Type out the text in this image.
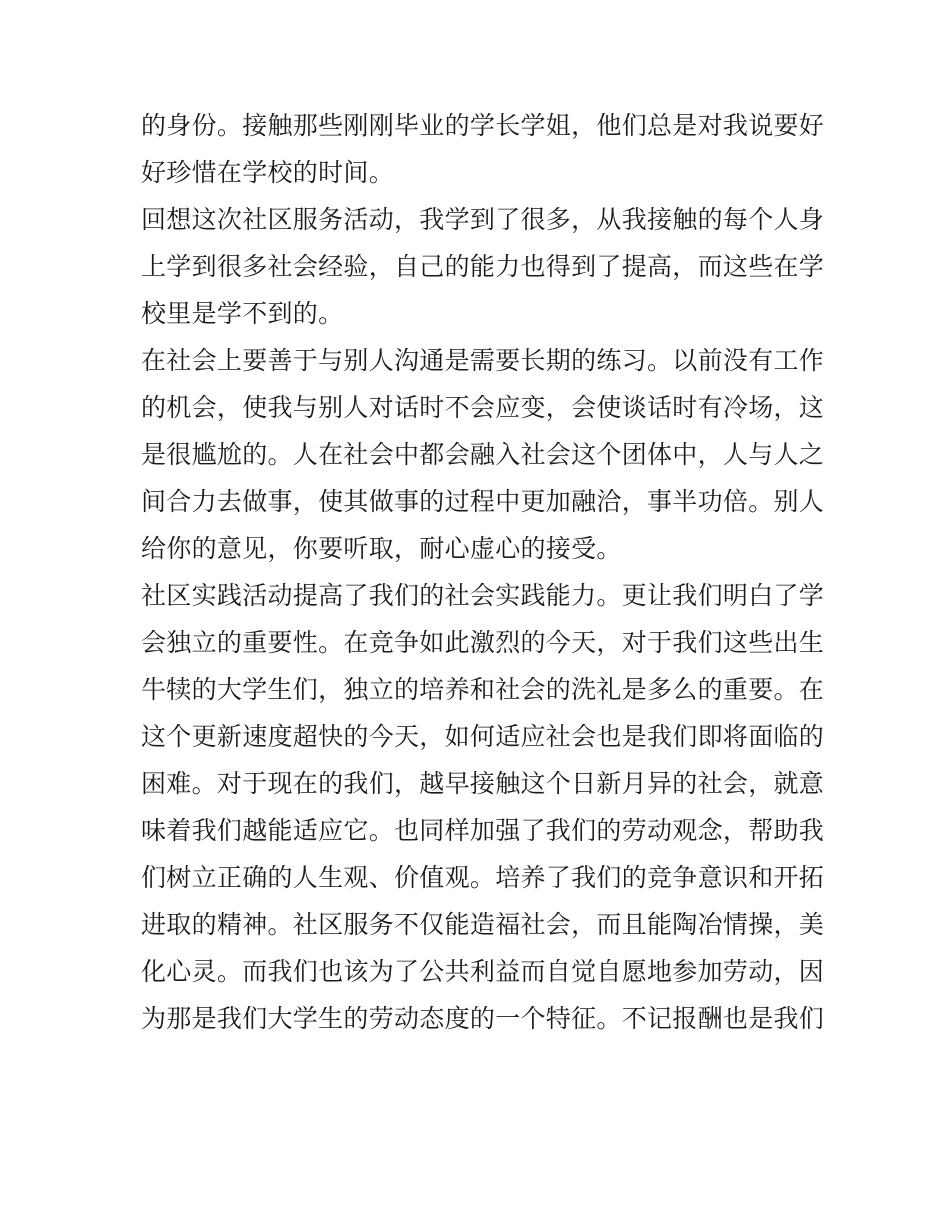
的身份。接触那些刚刚毕业的学长学姐，他们总是对我说要好
好珍惜在学校的时间。
回想这次社区服务活动，我学到了很多，从我接触的每个人身
上学到很多社会经验，自己的能力也得到了提高，而这些在学
校里是学不到的。
在社会上要善于与别人沟通是需要长期的练习。以前没有工作
的机会，使我与别人对话时不会应变，会使谈话时有冷场，这
是很尴尬的。人在社会中都会融入社会这个团体中，人与人之
间合力去做事，使其做事的过程中更加融洽，事半功倍。别人
给你的意见，你要听取，耐心虚心的接受。
社区实践活动提高了我们的社会实践能力。更让我们明白了学
会独立的重要性。在竞争如此激烈的今天，对于我们这些出生
牛犊的大学生们，独立的培养和社会的洗礼是多么的重要。在
这个更新速度超快的今天，如何适应社会也是我们即将面临的
困难。对于现在的我们，越早接触这个日新月异的社会，就意
味着我们越能适应它。也同样加强了我们的劳动观念，帮助我
们树立正确的人生观、价值观。培养了我们的竞争意识和开拓
进取的精神。社区服务不仅能造福社会，而且能陶冶情操，美
化心灵。而我们也该为了公共利益而自觉自愿地参加劳动，因
为那是我们大学生的劳动态度的一个特征。不记报酬也是我们
